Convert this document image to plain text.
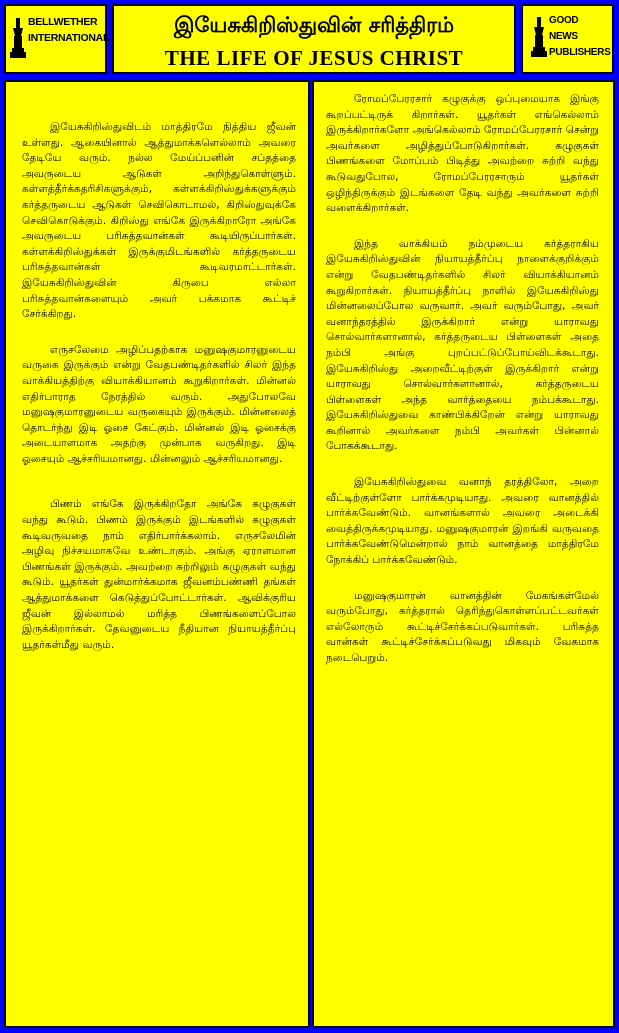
BELLWETHER INTERNATIONAL
இயேசுகிறிஸ்துவின் சரித்திரம்
THE LIFE OF JESUS CHRIST
GOOD NEWS PUBLISHERS

இயேசுகிறிஸ்துவிடம் மாத்திரமே நித்திய ஜீவன் உள்ளது. ஆகையினால் ஆத்துமாக்களெல்லாம் அவரை தேடியே வரும். நல்ல மேய்ப்பனின் சப்தத்தை அவருடைய ஆடுகள் அறிந்துகொள்ளும். கள்ளத்தீர்க்கதரிசிகளுக்கும், கள்ளக்கிறிஸ்துக்களுக்கும் கர்த்தருடைய ஆடுகள் செவிகொடாமல், கிறிஸ்துவுக்கே செவிகொடுக்கும். கிறிஸ்து எங்கே இருக்கிறாரோ அங்கே அவருடைய பரிசுத்தவான்கள் கூடியிருப்பார்கள். கள்ளக்கிறிஸ்துக்கள் இருக்குமிடங்களில் கர்த்தருடைய பரிசுத்தவான்கள் கூடிவரமாட்டார்கள். இயேசுகிறிஸ்துவின் கிருபை எல்லா பரிசுத்தவான்களையும் அவர் பக்கமாக கூட்டிச் சேர்க்கிறது.

எருசலேமை அழிப்பதற்காக மனுஷகுமாரனுடைய வருகை இருக்கும் என்று வேதபண்டிதர்களில் சிலர் இந்த வாக்கியத்திற்கு வியாக்கியானம் கூறுகிறார்கள். மின்னல் எதிர்பாராத நேரத்தில் வரும். அதுபோலவே மனுஷகுமாரனுடைய வருகையும் இருக்கும். மின்னலைத் தொடர்ந்து இடி ஓசை கேட்கும். மின்னல் இடி ஓசைக்கு அடையாளமாக அதற்கு முன்பாக வருகிறது. இடி ஓசையும் ஆச்சரியமானது. மின்னலும் ஆச்சரியமானது.

பிணம் எங்கே இருக்கிறதோ அங்கே கழுகுகள் வந்து கூடும். பிணம் இருக்கும் இடங்களில் கழுகுகள் கூடிவருவதை நாம் எதிர்பார்க்கலாம். எருசலேமின் அழிவு நிச்சயமாகவே உண்டாகும். அங்கு ஏராளமான பிணங்கள் இருக்கும். அவற்றை சுற்றிலும் கழுகுகள் வந்து கூடும். யூதர்கள் துன்மார்க்கமாக ஜீவனம்பண்ணி தங்கள் ஆத்துமாக்களை கெடுத்துப்போட்டார்கள். ஆவிக்குரிய ஜீவன் இல்லாமல் மரித்த பிணங்களைப்போல இருக்கிறார்கள். தேவனுடைய நீதியான நியாயத்தீர்ப்பு யூதர்கள்மீது வரும்.

ரோமப்பேரரசார் கழுகுக்கு ஒப்புமையாக இங்கு கூறப்பட்டிருக் கிறார்கள். யூதர்கள் எங்கெல்லாம் இருக்கிறார்களோ அங்கெல்லாம் ரோமப்பேரரசார் சென்று அவர்களை அழித்துப்போடுகிறார்கள். கழுகுகள் பிணங்களை மோப்பம் பிடித்து அவற்றை சுற்றி வந்து கூடுவதுபோல, ரோமப்பேரரசாரும் யூதர்கள் ஒழிந்திருக்கும் இடங்களை தேடி வந்து அவர்களை சுற்றி வளைக்கிறார்கள்.

இந்த வாக்கியம் நம்முடைய கர்த்தராகிய இயேசுகிறிஸ்துவின் நியாயத்தீர்ப்பு நாளைக்குறிக்கும் என்று வேதபண்டிதர்களில் சிலர் வியாக்கியானம் கூறுகிறார்கள். நியாயத்தீர்ப்பு நாளில் இயேசுகிறிஸ்து மின்னலைப்போல வருவார். அவர் வரும்போது, அவர் வனாந்தரத்தில் இருக்கிறார் என்று யாராவது சொல்வார்களானால், கர்த்தருடைய பிள்ளைகள் அதை நம்பி அங்கு புறப்பட்டுப்போய்விடக்கூடாது. இயேசுகிறிஸ்து அறைவீட்டிற்குள் இருக்கிறார் என்று யாராவது சொல்வார்களானால், கர்த்தருடைய பிள்ளைகள் அந்த வார்த்தையை நம்பக்கூடாது. இயேசுகிறிஸ்துவை காண்பிக்கிறேன் என்று யாராவது கூறினால் அவர்களை நம்பி அவர்கள் பின்னால் போகக்கூடாது.

இயேசுகிறிஸ்துவை வனாந் தரத்திலோ, அறை வீட்டிற்குள்ளோ பார்க்கமுடியாது. அவரை வானத்தில் பார்க்கவேண்டும். வானங்களால் அவரை அடைக்கி வைத்திருக்கமுடியாது. மனுஷகுமாரன் இறங்கி வருவதை பார்க்கவேண்டுமென்றால் நாம் வானத்தை மாத்திரமே நோக்கிப் பார்க்கவேண்டும்.

மனுஷகுமாரன் வானத்தின் மேகங்கள்மேல் வரும்போது, கர்த்தரால் தெரிந்துகொள்ளப்பட்டவர்கள் எல்லோரும் கூட்டிச்சேர்க்கப்படுவார்கள். பரிசுத்த வான்கள் கூட்டிச்சேர்க்கப்படுவது மிகவும் வேகமாக நடைபெறும்.
